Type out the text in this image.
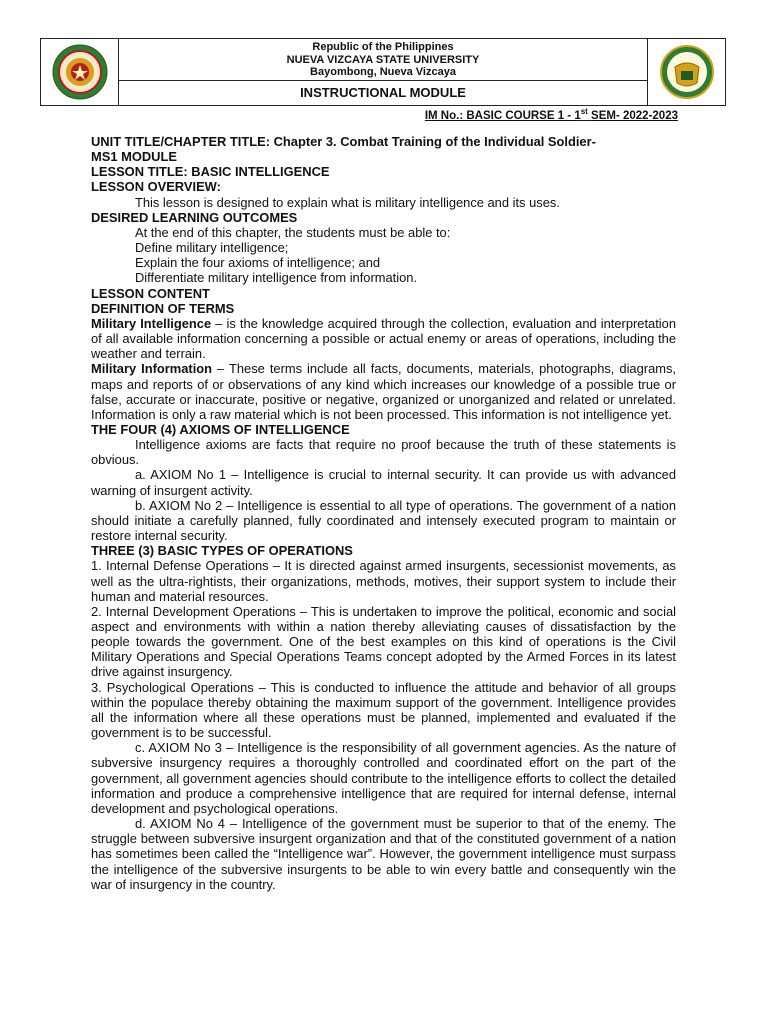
Republic of the Philippines
NUEVA VIZCAYA STATE UNIVERSITY
Bayombong, Nueva Vizcaya
INSTRUCTIONAL MODULE
IM No.: BASIC COURSE 1 - 1st SEM- 2022-2023

UNIT TITLE/CHAPTER TITLE: Chapter 3. Combat Training of the Individual Soldier-

MS1 MODULE

LESSON TITLE: BASIC INTELLIGENCE

LESSON OVERVIEW:

This lesson is designed to explain what is military intelligence and its uses.

DESIRED LEARNING OUTCOMES

At the end of this chapter, the students must be able to:

Define military intelligence;

Explain the four axioms of intelligence; and

Differentiate military intelligence from information.

LESSON CONTENT

DEFINITION OF TERMS

Military Intelligence – is the knowledge acquired through the collection, evaluation and interpretation of all available information concerning a possible or actual enemy or areas of operations, including the weather and terrain.

Military Information – These terms include all facts, documents, materials, photographs, diagrams, maps and reports of or observations of any kind which increases our knowledge of a possible true or false, accurate or inaccurate, positive or negative, organized or unorganized and related or unrelated. Information is only a raw material which is not been processed. This information is not intelligence yet.

THE FOUR (4) AXIOMS OF INTELLIGENCE

Intelligence axioms are facts that require no proof because the truth of these statements is obvious.

a. AXIOM No 1 – Intelligence is crucial to internal security. It can provide us with advanced warning of insurgent activity.

b. AXIOM No 2 – Intelligence is essential to all type of operations. The government of a nation should initiate a carefully planned, fully coordinated and intensely executed program to maintain or restore internal security.

THREE (3) BASIC TYPES OF OPERATIONS

1. Internal Defense Operations – It is directed against armed insurgents, secessionist movements, as well as the ultra-rightists, their organizations, methods, motives, their support system to include their human and material resources.

2. Internal Development Operations – This is undertaken to improve the political, economic and social aspect and environments with within a nation thereby alleviating causes of dissatisfaction by the people towards the government. One of the best examples on this kind of operations is the Civil Military Operations and Special Operations Teams concept adopted by the Armed Forces in its latest drive against insurgency.

3. Psychological Operations – This is conducted to influence the attitude and behavior of all groups within the populace thereby obtaining the maximum support of the government. Intelligence provides all the information where all these operations must be planned, implemented and evaluated if the government is to be successful.

c. AXIOM No 3 – Intelligence is the responsibility of all government agencies. As the nature of subversive insurgency requires a thoroughly controlled and coordinated effort on the part of the government, all government agencies should contribute to the intelligence efforts to collect the detailed information and produce a comprehensive intelligence that are required for internal defense, internal development and psychological operations.

d. AXIOM No 4 – Intelligence of the government must be superior to that of the enemy. The struggle between subversive insurgent organization and that of the constituted government of a nation has sometimes been called the “Intelligence war”. However, the government intelligence must surpass the intelligence of the subversive insurgents to be able to win every battle and consequently win the war of insurgency in the country.
